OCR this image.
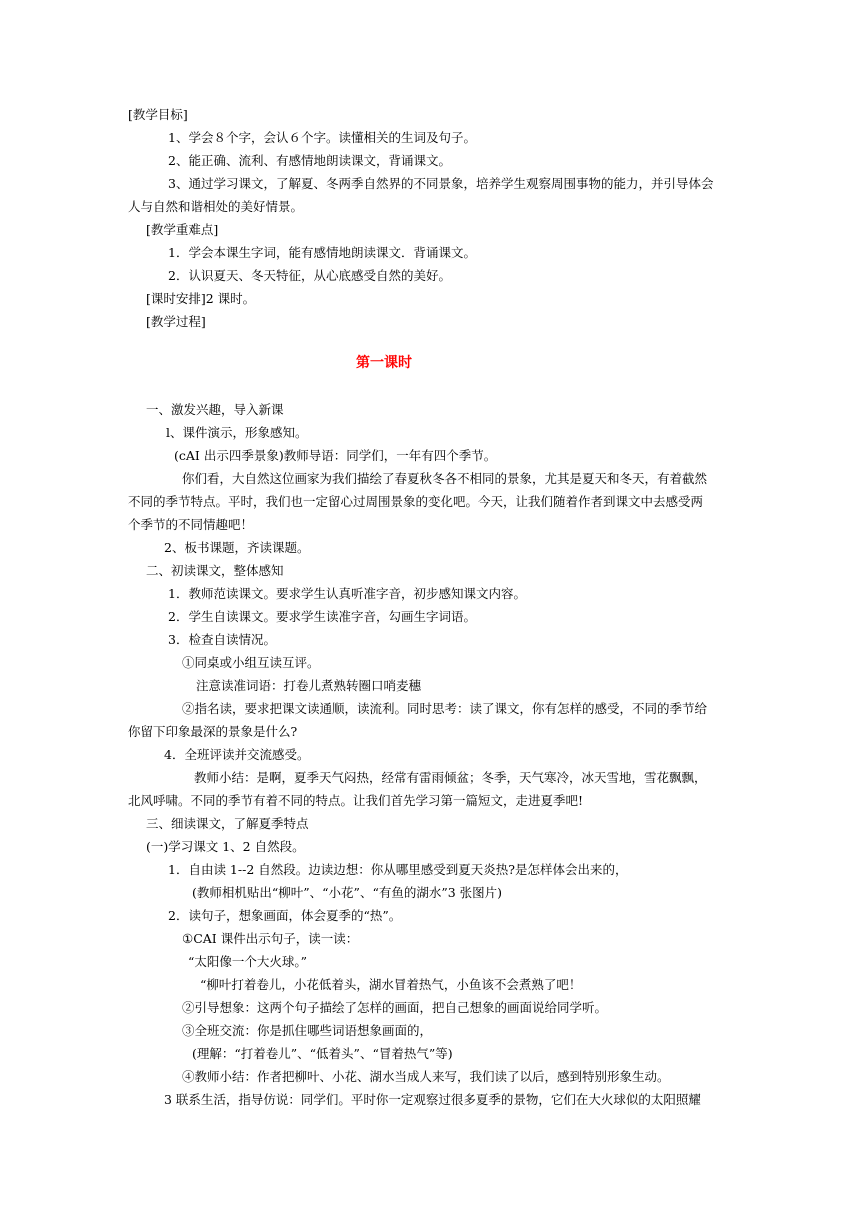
[教学目标]
1、学会８个字，会认６个字。读懂相关的生词及句子。
2、能正确、流利、有感情地朗读课文，背诵课文。
3、通过学习课文，了解夏、冬两季自然界的不同景象，培养学生观察周围事物的能力，并引导体会
人与自然和谐相处的美好情景。
[教学重难点]
1．学会本课生字词，能有感情地朗读课文．背诵课文。
2．认识夏天、冬天特征，从心底感受自然的美好。
[课时安排]2 课时。
[教学过程]
第一课时
一、激发兴趣，导入新课
l、课件演示，形象感知。
(cAI 出示四季景象)教师导语：同学们，一年有四个季节。
你们看，大自然这位画家为我们描绘了春夏秋冬各不相同的景象，尤其是夏天和冬天，有着截然
不同的季节特点。平时，我们也一定留心过周围景象的变化吧。今天，让我们随着作者到课文中去感受两
个季节的不同情趣吧！
2、板书课题，齐读课题。
二、初读课文，整体感知
1．教师范读课文。要求学生认真听准字音，初步感知课文内容。
2．学生自读课文。要求学生读准字音，勾画生字词语。
3．检查自读情况。
①同桌或小组互读互评。
注意读准词语：打卷儿煮熟转圈口哨麦穗
②指名读，要求把课文读通顺，读流利。同时思考：读了课文，你有怎样的感受，不同的季节给
你留下印象最深的景象是什么?
4．全班评读并交流感受。
教师小结：是啊，夏季天气闷热，经常有雷雨倾盆；冬季，天气寒冷，冰天雪地，雪花飘飘，
北风呼啸。不同的季节有着不同的特点。让我们首先学习第一篇短文，走进夏季吧!
三、细读课文，了解夏季特点
(一)学习课文 1、2 自然段。
1．自由读 1--2 自然段。边读边想：你从哪里感受到夏天炎热?是怎样体会出来的，
(教师相机贴出“柳叶”、“小花”、“有鱼的湖水”3 张图片)
2．读句子，想象画面，体会夏季的“热”。
①CAI 课件出示句子，读一读：
“太阳像一个大火球。”
“柳叶打着卷儿，小花低着头，湖水冒着热气，小鱼该不会煮熟了吧！
②引导想象：这两个句子描绘了怎样的画面，把自己想象的画面说给同学听。
③全班交流：你是抓住哪些词语想象画面的，
(理解：“打着卷儿”、“低着头”、“冒着热气”等)
④教师小结：作者把柳叶、小花、湖水当成人来写，我们读了以后，感到特别形象生动。
3 联系生活，指导仿说：同学们。平时你一定观察过很多夏季的景物，它们在大火球似的太阳照耀
